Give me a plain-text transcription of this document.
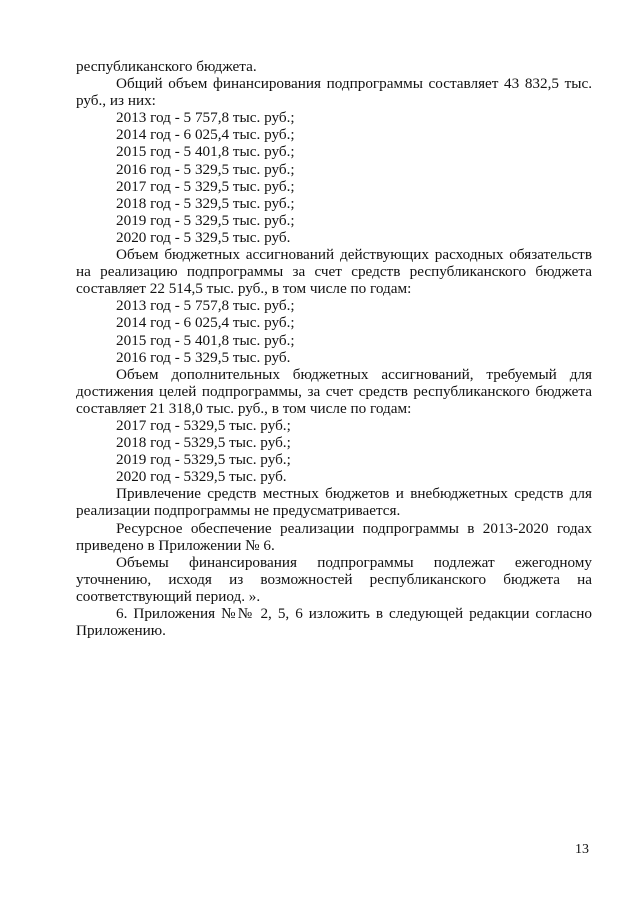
республиканского бюджета.
Общий объем финансирования подпрограммы составляет 43 832,5 тыс.
руб., из них:
2013 год - 5 757,8 тыс. руб.;
2014 год - 6 025,4 тыс. руб.;
2015 год - 5 401,8 тыс. руб.;
2016 год - 5 329,5 тыс. руб.;
2017 год - 5 329,5 тыс. руб.;
2018 год - 5 329,5 тыс. руб.;
2019 год - 5 329,5 тыс. руб.;
2020 год - 5 329,5 тыс. руб.
Объем бюджетных ассигнований действующих расходных обязательств
на реализацию подпрограммы за счет средств республиканского бюджета
составляет 22 514,5 тыс. руб., в том числе по годам:
2013 год - 5 757,8 тыс. руб.;
2014 год - 6 025,4 тыс. руб.;
2015 год - 5 401,8 тыс. руб.;
2016 год - 5 329,5 тыс. руб.
Объем дополнительных бюджетных ассигнований, требуемый для
достижения целей подпрограммы, за счет средств республиканского бюджета
составляет 21 318,0 тыс. руб., в том числе по годам:
2017 год - 5329,5 тыс. руб.;
2018 год - 5329,5 тыс. руб.;
2019 год - 5329,5 тыс. руб.;
2020 год - 5329,5 тыс. руб.
Привлечение средств местных бюджетов и внебюджетных средств для
реализации подпрограммы не предусматривается.
Ресурсное обеспечение реализации подпрограммы в 2013-2020 годах
приведено в Приложении № 6.
Объемы финансирования подпрограммы подлежат ежегодному
уточнению, исходя из возможностей республиканского бюджета на
соответствующий период. ».
6. Приложения №№ 2, 5, 6 изложить в следующей редакции согласно
Приложению.
13
